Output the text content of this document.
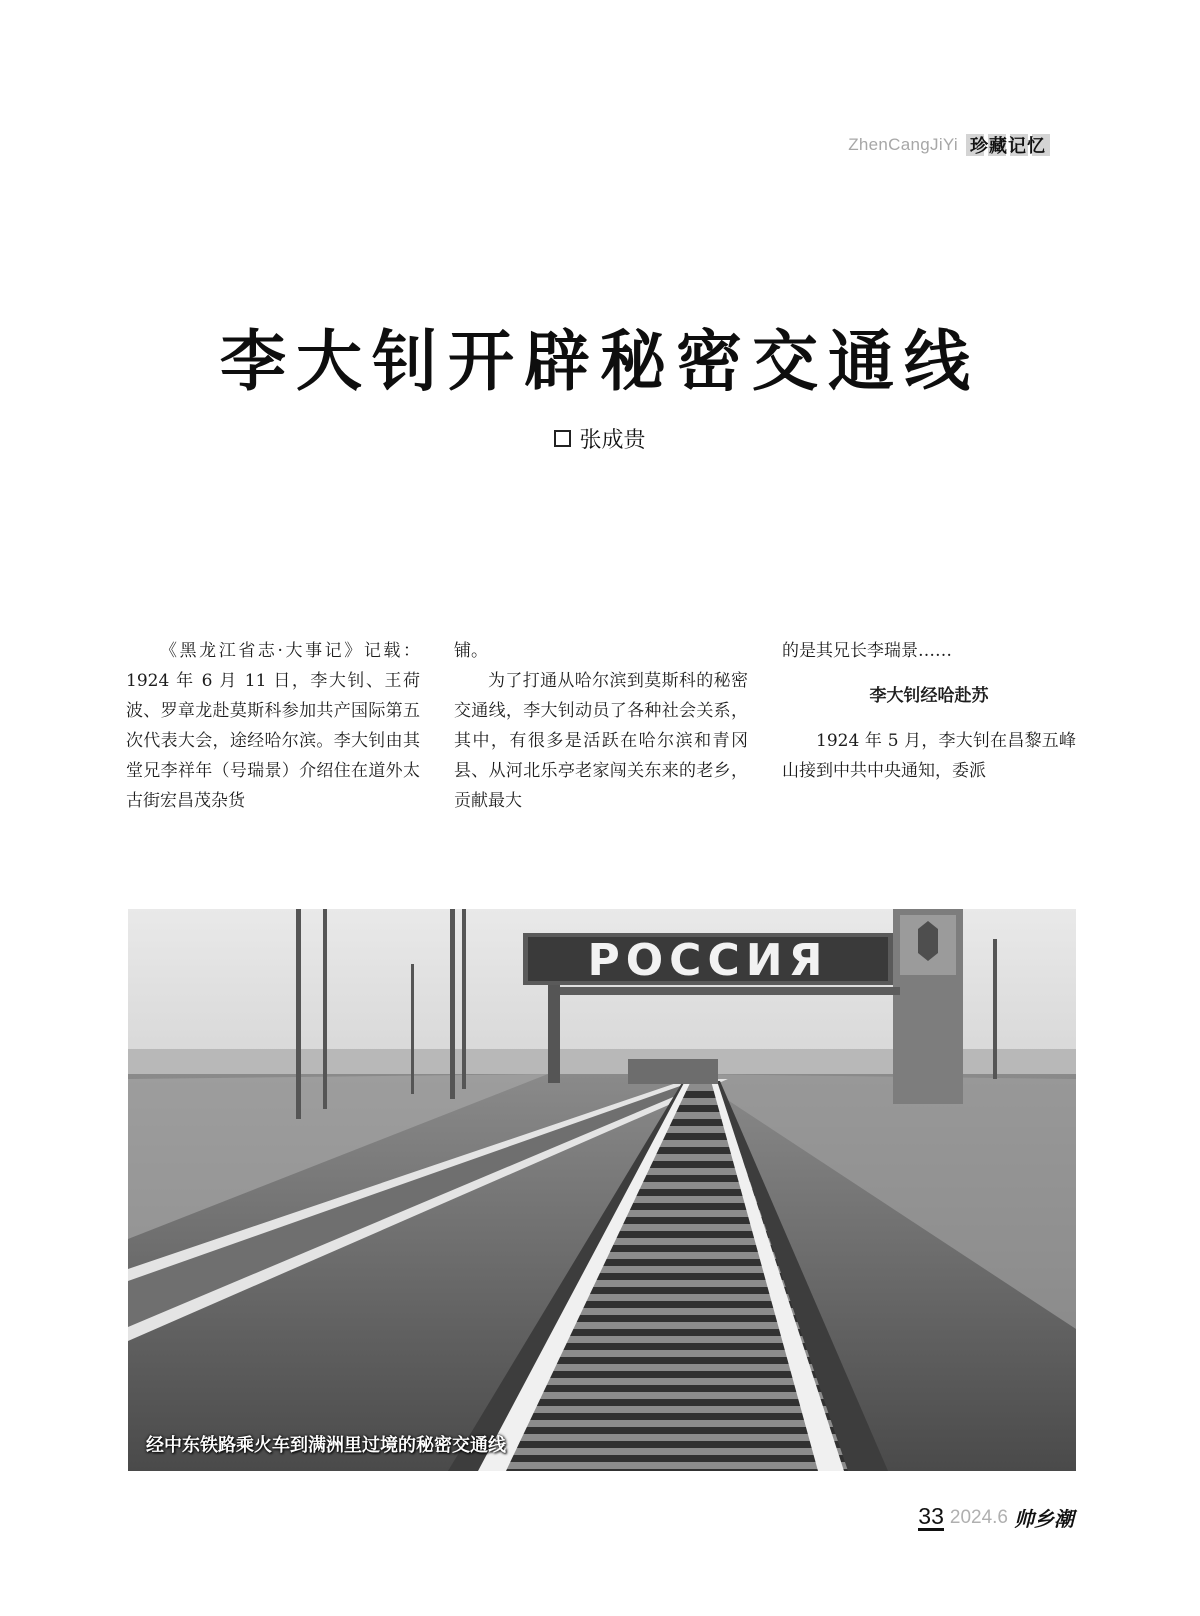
ZhenCangJiYi 珍藏记忆
李大钊开辟秘密交通线
张成贵

《黑龙江省志·大事记》记载：1924 年 6 月 11 日，李大钊、王荷波、罗章龙赴莫斯科参加共产国际第五次代表大会，途经哈尔滨。李大钊由其堂兄李祥年（号瑞景）介绍住在道外太古街宏昌茂杂货

铺。

为了打通从哈尔滨到莫斯科的秘密交通线，李大钊动员了各种社会关系，其中，有很多是活跃在哈尔滨和青冈县、从河北乐亭老家闯关东来的老乡，贡献最大

的是其兄长李瑞景……

李大钊经哈赴苏

1924 年 5 月，李大钊在昌黎五峰山接到中共中央通知，委派

РОССИЯ
经中东铁路乘火车到满洲里过境的秘密交通线
33 2024.6 帅乡潮
